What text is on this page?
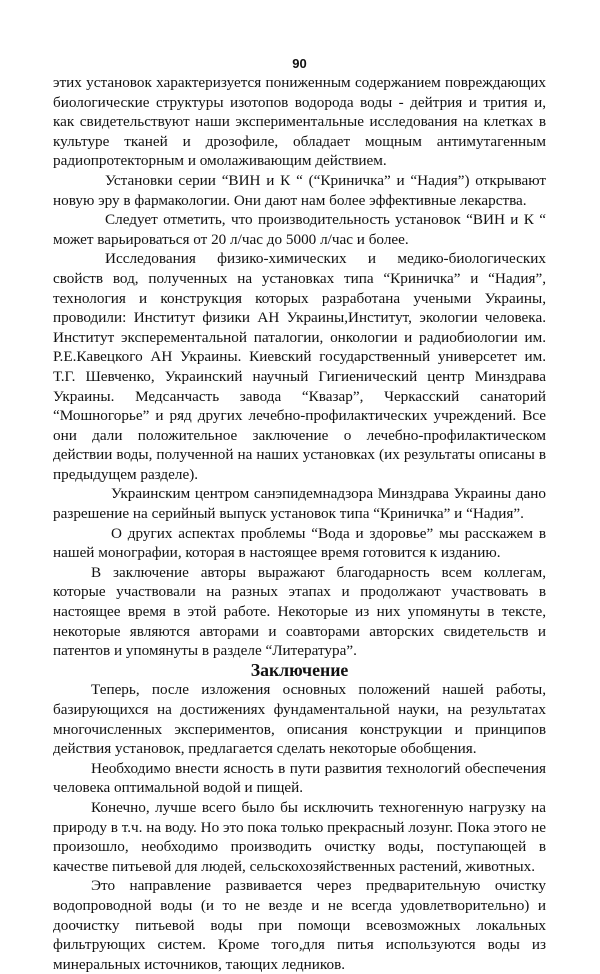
90

этих установок характеризуется пониженным содержанием повреждающих биологические структуры изотопов водорода воды - дейтрия и трития и, как свидетельствуют наши экспериментальные исследования на клетках в культуре тканей и дрозофиле, обладает мощным антимутагенным радиопротекторным и омолаживающим действием.

Установки серии “ВИН и К “ (“Криничка” и “Надия”) открывают новую эру в фармакологии. Они дают нам более эффективные лекарства.

Следует отметить, что производительность установок “ВИН и К “ может варьироваться от 20 л/час до 5000 л/час и более.

Исследования физико-химических и медико-биологических свойств вод, полученных на установках типа “Криничка” и “Надия”, технология и конструкция которых разработана учеными Украины, проводили: Институт физики АН Украины,Институт, экологии человека. Институт эксперементальной паталогии, онкологии и радиобиологии им. Р.Е.Кавецкого АН Украины. Киевский государственный универсетет им. Т.Г. Шевченко, Украинский научный Гигиенический центр Минздрава Украины. Медсанчасть завода “Квазар”, Черкасский санаторий “Мошногорье” и ряд других лечебно-профилактических учреждений. Все они дали положительное заключение о лечебно-профилактическом действии воды, полученной на наших установках (их результаты описаны в предыдущем разделе).

Украинским центром санэпидемнадзора Минздрава Украины дано разрешение на серийный выпуск установок типа “Криничка” и “Надия”.

О других аспектах проблемы “Вода и здоровье” мы расскажем в нашей монографии, которая в настоящее время готовится к изданию.

В заключение авторы выражают благодарность всем коллегам, которые участвовали на разных этапах и продолжают участвовать в настоящее время в этой работе. Некоторые из них упомянуты в тексте, некоторые являются авторами и соавторами авторских свидетельств и патентов и упомянуты в разделе “Литература”.

Заключение

Теперь, после изложения основных положений нашей работы, базирующихся на достижениях фундаментальной науки, на результатах многочисленных экспериментов, описания конструкции и принципов действия установок, предлагается сделать некоторые обобщения.

Необходимо внести ясность в пути развития технологий обеспечения человека оптимальной водой и пищей.

Конечно, лучше всего было бы исключить техногенную нагрузку на природу в т.ч. на воду. Но это пока только прекрасный лозунг. Пока этого не произошло, необходимо производить очистку воды, поступающей в качестве питьевой для людей, сельскохозяйственных растений, животных.

Это направление развивается через предварительную очистку водопроводной воды (и то не везде и не всегда удовлетворительно) и доочистку питьевой воды при помощи всевозможных локальных фильтрующих систем. Кроме того,для питья используются воды из минеральных источников, тающих ледников.
